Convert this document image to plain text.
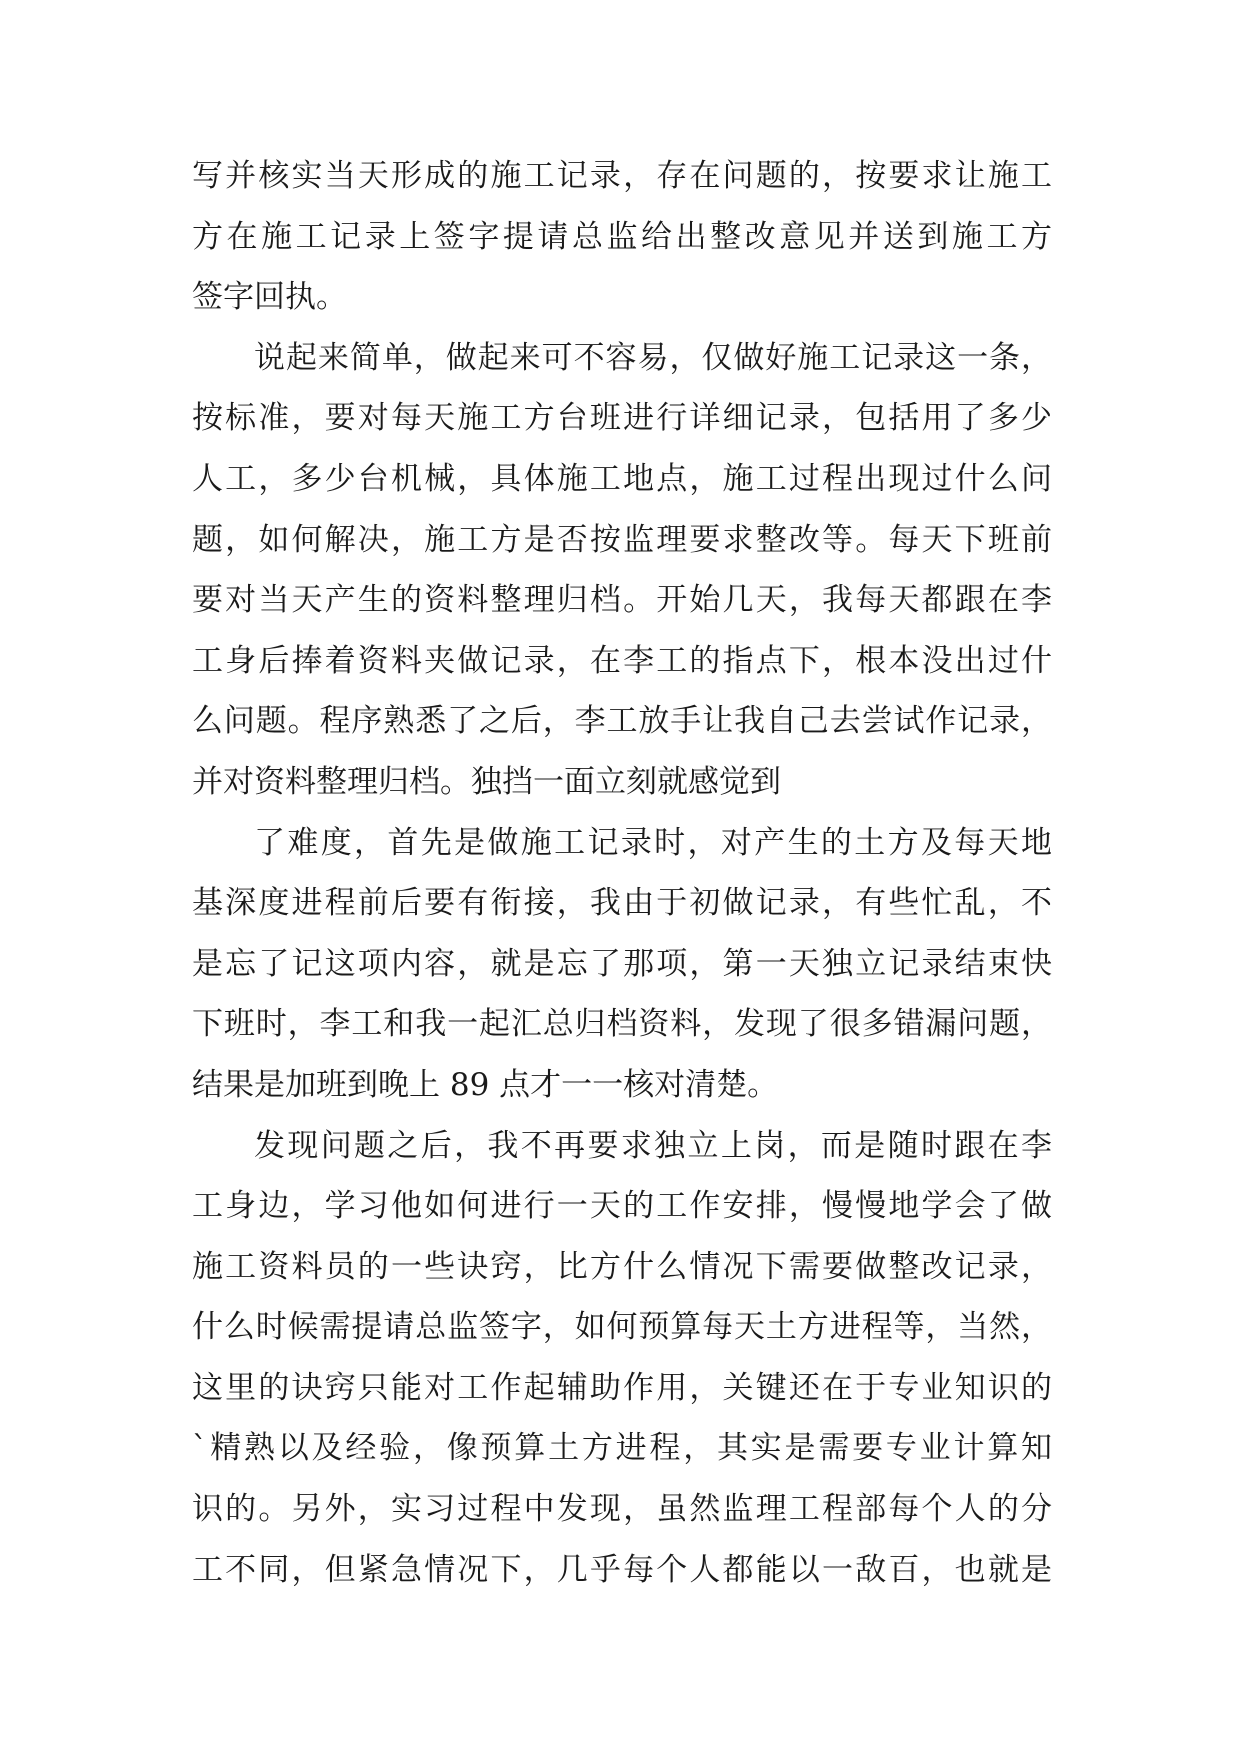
写并核实当天形成的施工记录，存在问题的，按要求让施工
方在施工记录上签字提请总监给出整改意见并送到施工方
签字回执。
说起来简单，做起来可不容易，仅做好施工记录这一条，
按标准，要对每天施工方台班进行详细记录，包括用了多少
人工，多少台机械，具体施工地点，施工过程出现过什么问
题，如何解决，施工方是否按监理要求整改等。每天下班前
要对当天产生的资料整理归档。开始几天，我每天都跟在李
工身后捧着资料夹做记录，在李工的指点下，根本没出过什
么问题。程序熟悉了之后，李工放手让我自己去尝试作记录，
并对资料整理归档。独挡一面立刻就感觉到
了难度，首先是做施工记录时，对产生的土方及每天地
基深度进程前后要有衔接，我由于初做记录，有些忙乱，不
是忘了记这项内容，就是忘了那项，第一天独立记录结束快
下班时，李工和我一起汇总归档资料，发现了很多错漏问题，
结果是加班到晚上 89 点才一一核对清楚。
发现问题之后，我不再要求独立上岗，而是随时跟在李
工身边，学习他如何进行一天的工作安排，慢慢地学会了做
施工资料员的一些诀窍，比方什么情况下需要做整改记录，
什么时候需提请总监签字，如何预算每天土方进程等，当然，
这里的诀窍只能对工作起辅助作用，关键还在于专业知识的
`精熟以及经验，像预算土方进程，其实是需要专业计算知
识的。另外，实习过程中发现，虽然监理工程部每个人的分
工不同，但紧急情况下，几乎每个人都能以一敌百，也就是
